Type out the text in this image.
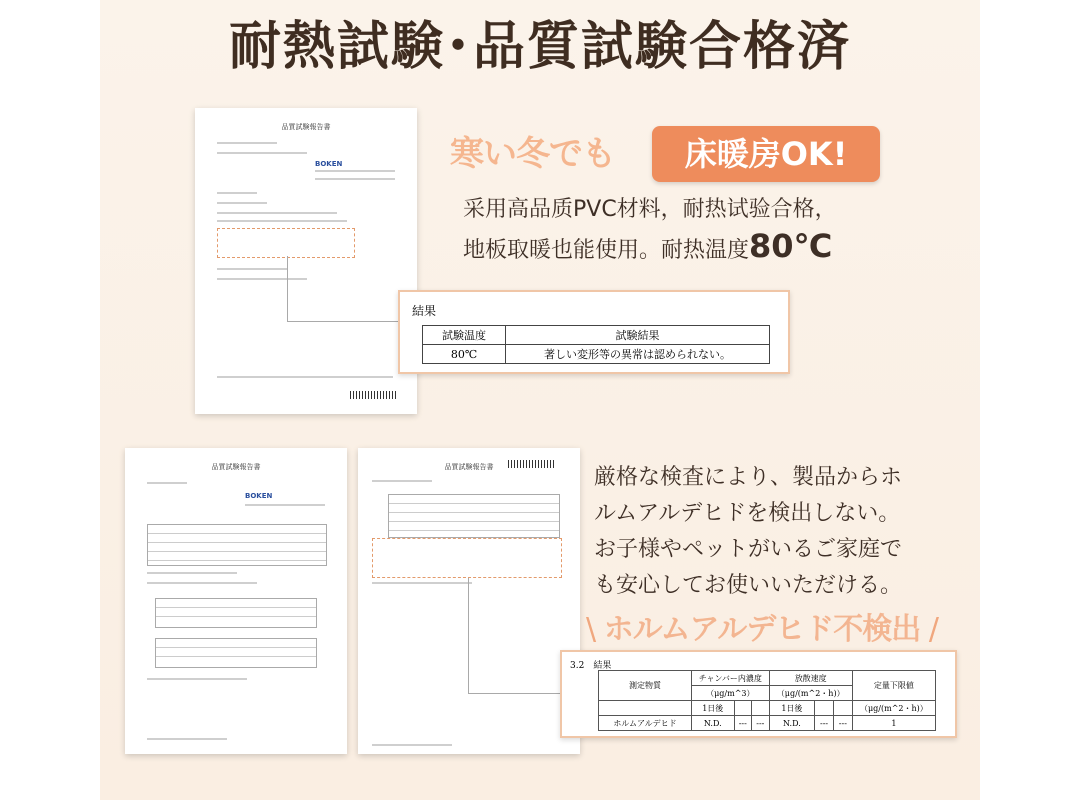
耐熱試験･品質試験合格済
品質試験報告書
BOKEN	寒い冬でも	床暖房OK!
采用高品质PVC材料，耐热试验合格，
地板取暖也能使用。耐热温度80℃
結果
試験温度	試験結果
80℃	著しい変形等の異常は認められない。
品質試験報告書
BOKEN
品質試験報告書	厳格な検査により、製品からホ
ルムアルデヒドを検出しない。
お子様やペットがいるご家庭で
も安心してお使いいただける。
\ ホルムアルデヒド不検出 /
3.2　結果
測定物質	チャンバー内濃度			放散速度			定量下限値
	（μg/m^3）			（μg/(m^2・h)）			
	1日後			1日後			（μg/(m^2・h)）
ホルムアルデヒド	N.D.	---	---	N.D.	---	---	1
